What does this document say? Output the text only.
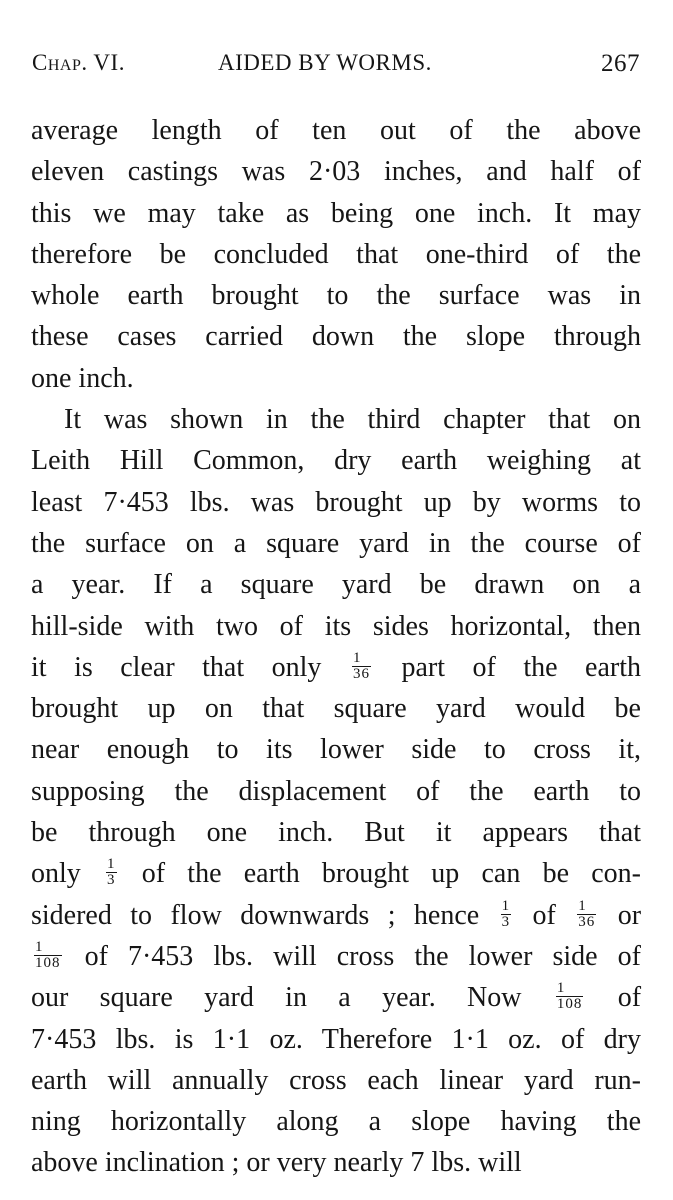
Chap. VI.	AIDED BY WORMS.	267
average length of ten out of the above
eleven castings was 2·03 inches, and half of
this we may take as being one inch. It may
therefore be concluded that one-third of the
whole earth brought to the surface was in
these cases carried down the slope through
one inch.
It was shown in the third chapter that on
Leith Hill Common, dry earth weighing at
least 7·453 lbs. was brought up by worms to
the surface on a square yard in the course of
a year. If a square yard be drawn on a
hill-side with two of its sides horizontal, then
it is clear that only $\frac{1}{36}$ part of the earth
brought up on that square yard would be
near enough to its lower side to cross it,
supposing the displacement of the earth to
be through one inch. But it appears that
only $\frac{1}{3}$ of the earth brought up can be con-
sidered to flow downwards ; hence $\frac{1}{3}$ of $\frac{1}{36}$ or
$\frac{1}{108}$ of 7·453 lbs. will cross the lower side of
our square yard in a year. Now $\frac{1}{108}$ of
7·453 lbs. is 1·1 oz. Therefore 1·1 oz. of dry
earth will annually cross each linear yard run-
ning horizontally along a slope having the
above inclination ; or very nearly 7 lbs. will
